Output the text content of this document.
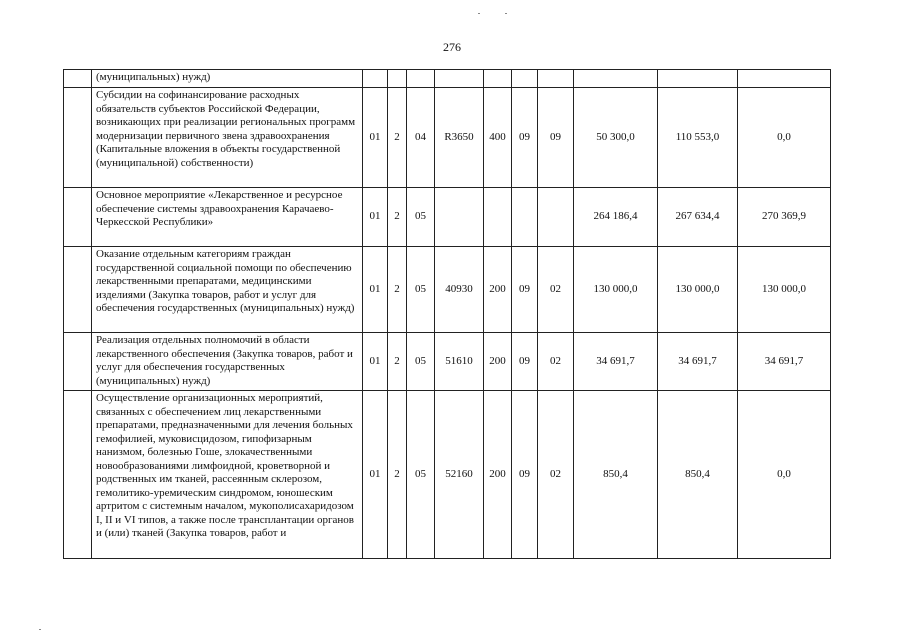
276
	(муниципальных) нужд)										
	Субсидии на софинансирование расходных обязательств субъектов Российской Федерации, возникающих при реализации региональных программ модернизации первичного звена здравоохранения (Капитальные вложения в объекты государственной (муниципальной) собственности)	01	2	04	R3650	400	09	09	50 300,0	110 553,0	0,0
	Основное мероприятие «Лекарственное и ресурсное обеспечение системы здравоохранения Карачаево-Черкесской Республики»	01	2	05					264 186,4	267 634,4	270 369,9
	Оказание отдельным категориям граждан государственной социальной помощи по обеспечению лекарственными препаратами, медицинскими изделиями (Закупка товаров, работ и услуг для обеспечения государственных (муниципальных) нужд)	01	2	05	40930	200	09	02	130 000,0	130 000,0	130 000,0
	Реализация отдельных полномочий в области лекарственного обеспечения (Закупка товаров, работ и услуг для обеспечения государственных (муниципальных) нужд)	01	2	05	51610	200	09	02	34 691,7	34 691,7	34 691,7
	Осуществление организационных мероприятий, связанных с обеспечением лиц лекарственными препаратами, предназначенными для лечения больных гемофилией, муковисцидозом, гипофизарным нанизмом, болезнью Гоше, злокачественными новообразованиями лимфоидной, кроветворной и родственных им тканей, рассеянным склерозом, гемолитико-уремическим синдромом, юношеским артритом с системным началом, мукополисахаридозом I, II и VI типов, а также после трансплантации органов и (или) тканей (Закупка товаров, работ и	01	2	05	52160	200	09	02	850,4	850,4	0,0
